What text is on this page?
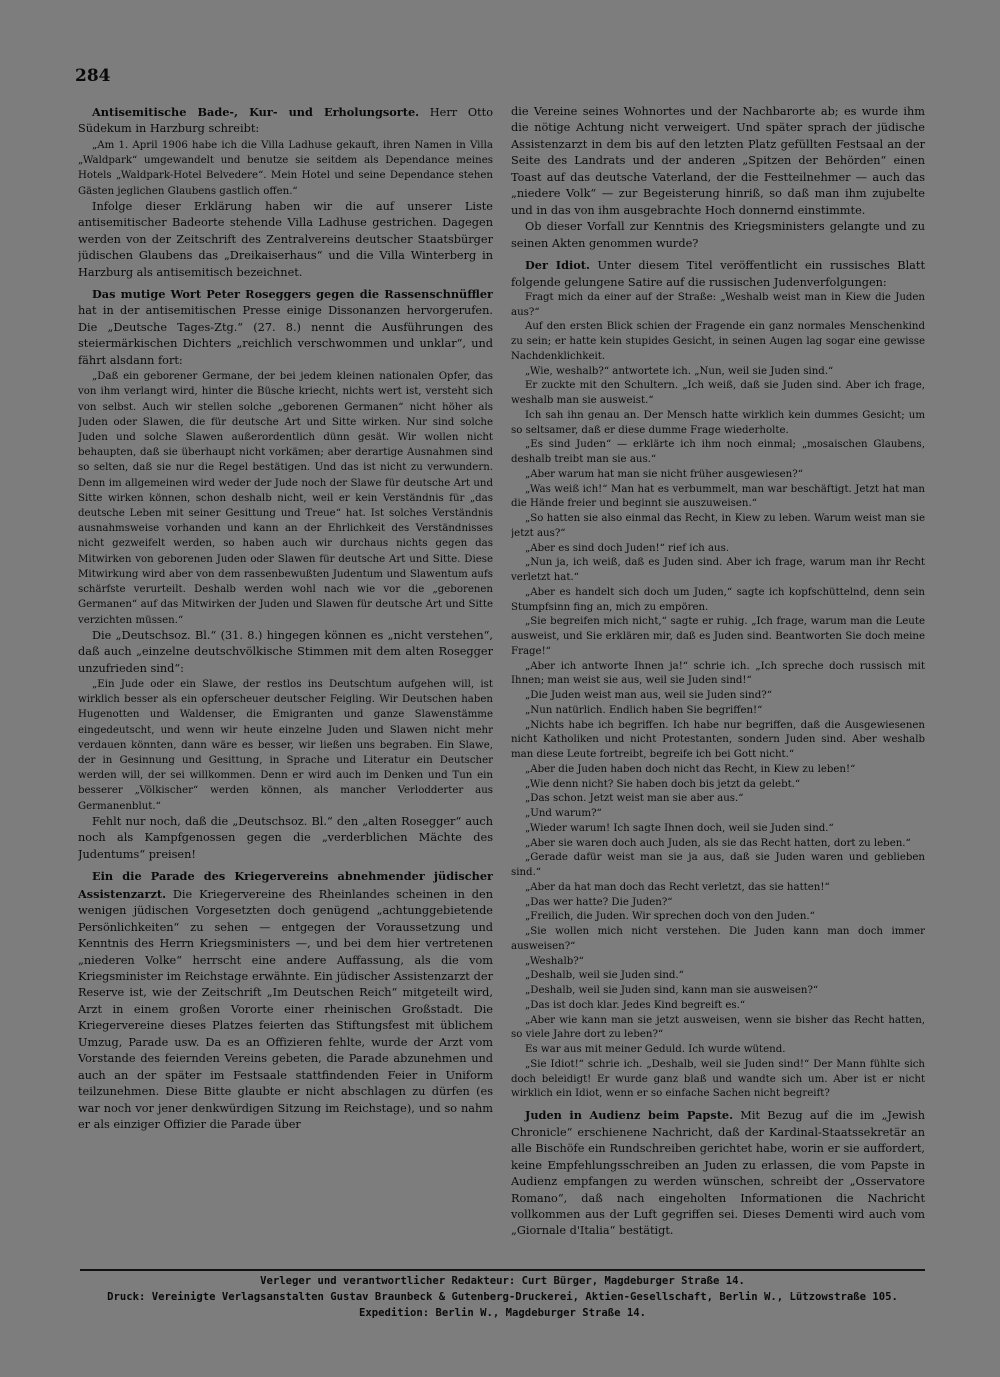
284

Antisemitische Bade-, Kur- und Erholungsorte. Herr Otto Südekum in Harzburg schreibt:

„Am 1. April 1906 habe ich die Villa Ladhuse gekauft, ihren Namen in Villa „Waldpark“ umgewandelt und benutze sie seitdem als Dependance meines Hotels „Waldpark-Hotel Belvedere“. Mein Hotel und seine Dependance stehen Gästen jeglichen Glaubens gastlich offen.“

Infolge dieser Erklärung haben wir die auf unserer Liste antisemitischer Badeorte stehende Villa Ladhuse gestrichen. Dagegen werden von der Zeitschrift des Zentralvereins deutscher Staatsbürger jüdischen Glaubens das „Dreikaiserhaus“ und die Villa Winterberg in Harzburg als antisemitisch bezeichnet.

Das mutige Wort Peter Roseggers gegen die Rassenschnüffler hat in der antisemitischen Presse einige Dissonanzen hervorgerufen. Die „Deutsche Tages-Ztg.“ (27. 8.) nennt die Ausführungen des steiermärkischen Dichters „reichlich verschwommen und unklar“, und fährt alsdann fort:

„Daß ein geborener Germane, der bei jedem kleinen nationalen Opfer, das von ihm verlangt wird, hinter die Büsche kriecht, nichts wert ist, versteht sich von selbst. Auch wir stellen solche „geborenen Germanen“ nicht höher als Juden oder Slawen, die für deutsche Art und Sitte wirken. Nur sind solche Juden und solche Slawen außerordentlich dünn gesät. Wir wollen nicht behaupten, daß sie überhaupt nicht vorkämen; aber derartige Ausnahmen sind so selten, daß sie nur die Regel bestätigen. Und das ist nicht zu verwundern. Denn im allgemeinen wird weder der Jude noch der Slawe für deutsche Art und Sitte wirken können, schon deshalb nicht, weil er kein Verständnis für „das deutsche Leben mit seiner Gesittung und Treue“ hat. Ist solches Verständnis ausnahmsweise vorhanden und kann an der Ehrlichkeit des Verständnisses nicht gezweifelt werden, so haben auch wir durchaus nichts gegen das Mitwirken von geborenen Juden oder Slawen für deutsche Art und Sitte. Diese Mitwirkung wird aber von dem rassenbewußten Judentum und Slawentum aufs schärfste verurteilt. Deshalb werden wohl nach wie vor die „geborenen Germanen“ auf das Mitwirken der Juden und Slawen für deutsche Art und Sitte verzichten müssen.“

Die „Deutschsoz. Bl.“ (31. 8.) hingegen können es „nicht verstehen“, daß auch „einzelne deutschvölkische Stimmen mit dem alten Rosegger unzufrieden sind“:

„Ein Jude oder ein Slawe, der restlos ins Deutschtum aufgehen will, ist wirklich besser als ein opferscheuer deutscher Feigling. Wir Deutschen haben Hugenotten und Waldenser, die Emigranten und ganze Slawenstämme eingedeutscht, und wenn wir heute einzelne Juden und Slawen nicht mehr verdauen könnten, dann wäre es besser, wir ließen uns begraben. Ein Slawe, der in Gesinnung und Gesittung, in Sprache und Literatur ein Deutscher werden will, der sei willkommen. Denn er wird auch im Denken und Tun ein besserer „Völkischer“ werden können, als mancher Verlodderter aus Germanenblut.“

Fehlt nur noch, daß die „Deutschsoz. Bl.“ den „alten Rosegger“ auch noch als Kampfgenossen gegen die „verderblichen Mächte des Judentums“ preisen!

Ein die Parade des Kriegervereins abnehmender jüdischer Assistenzarzt. Die Kriegervereine des Rheinlandes scheinen in den wenigen jüdischen Vorgesetzten doch genügend „achtunggebietende Persönlichkeiten“ zu sehen — entgegen der Voraussetzung und Kenntnis des Herrn Kriegsministers —, und bei dem hier vertretenen „niederen Volke“ herrscht eine andere Auffassung, als die vom Kriegsminister im Reichstage erwähnte. Ein jüdischer Assistenzarzt der Reserve ist, wie der Zeitschrift „Im Deutschen Reich“ mitgeteilt wird, Arzt in einem großen Vororte einer rheinischen Großstadt. Die Kriegervereine dieses Platzes feierten das Stiftungsfest mit üblichem Umzug, Parade usw. Da es an Offizieren fehlte, wurde der Arzt vom Vorstande des feiernden Vereins gebeten, die Parade abzunehmen und auch an der später im Festsaale stattfindenden Feier in Uniform teilzunehmen. Diese Bitte glaubte er nicht abschlagen zu dürfen (es war noch vor jener denkwürdigen Sitzung im Reichstage), und so nahm er als einziger Offizier die Parade über

die Vereine seines Wohnortes und der Nachbarorte ab; es wurde ihm die nötige Achtung nicht verweigert. Und später sprach der jüdische Assistenzarzt in dem bis auf den letzten Platz gefüllten Festsaal an der Seite des Landrats und der anderen „Spitzen der Behörden“ einen Toast auf das deutsche Vaterland, der die Festteilnehmer — auch das „niedere Volk“ — zur Begeisterung hinriß, so daß man ihm zujubelte und in das von ihm ausgebrachte Hoch donnernd einstimmte.

Ob dieser Vorfall zur Kenntnis des Kriegsministers gelangte und zu seinen Akten genommen wurde?

Der Idiot. Unter diesem Titel veröffentlicht ein russisches Blatt folgende gelungene Satire auf die russischen Judenverfolgungen:

Fragt mich da einer auf der Straße: „Weshalb weist man in Kiew die Juden aus?“

Auf den ersten Blick schien der Fragende ein ganz normales Menschenkind zu sein; er hatte kein stupides Gesicht, in seinen Augen lag sogar eine gewisse Nachdenklichkeit.

„Wie, weshalb?“ antwortete ich. „Nun, weil sie Juden sind.“

Er zuckte mit den Schultern. „Ich weiß, daß sie Juden sind. Aber ich frage, weshalb man sie ausweist.“

Ich sah ihn genau an. Der Mensch hatte wirklich kein dummes Gesicht; um so seltsamer, daß er diese dumme Frage wiederholte.

„Es sind Juden“ — erklärte ich ihm noch einmal; „mosaischen Glaubens, deshalb treibt man sie aus.“

„Aber warum hat man sie nicht früher ausgewiesen?“

„Was weiß ich!“ Man hat es verbummelt, man war beschäftigt. Jetzt hat man die Hände freier und beginnt sie auszuweisen.“

„So hatten sie also einmal das Recht, in Kiew zu leben. Warum weist man sie jetzt aus?“

„Aber es sind doch Juden!“ rief ich aus.

„Nun ja, ich weiß, daß es Juden sind. Aber ich frage, warum man ihr Recht verletzt hat.“

„Aber es handelt sich doch um Juden,“ sagte ich kopfschüttelnd, denn sein Stumpfsinn fing an, mich zu empören.

„Sie begreifen mich nicht,“ sagte er ruhig. „Ich frage, warum man die Leute ausweist, und Sie erklären mir, daß es Juden sind. Beantworten Sie doch meine Frage!“

„Aber ich antworte Ihnen ja!“ schrie ich. „Ich spreche doch russisch mit Ihnen; man weist sie aus, weil sie Juden sind!“

„Die Juden weist man aus, weil sie Juden sind?“

„Nun natürlich. Endlich haben Sie begriffen!“

„Nichts habe ich begriffen. Ich habe nur begriffen, daß die Ausgewiesenen nicht Katholiken und nicht Protestanten, sondern Juden sind. Aber weshalb man diese Leute fortreibt, begreife ich bei Gott nicht.“

„Aber die Juden haben doch nicht das Recht, in Kiew zu leben!“

„Wie denn nicht? Sie haben doch bis jetzt da gelebt.“

„Das schon. Jetzt weist man sie aber aus.“

„Und warum?“

„Wieder warum! Ich sagte Ihnen doch, weil sie Juden sind.“

„Aber sie waren doch auch Juden, als sie das Recht hatten, dort zu leben.“

„Gerade dafür weist man sie ja aus, daß sie Juden waren und geblieben sind.“

„Aber da hat man doch das Recht verletzt, das sie hatten!“

„Das wer hatte? Die Juden?“

„Freilich, die Juden. Wir sprechen doch von den Juden.“

„Sie wollen mich nicht verstehen. Die Juden kann man doch immer ausweisen?“

„Weshalb?“

„Deshalb, weil sie Juden sind.“

„Deshalb, weil sie Juden sind, kann man sie ausweisen?“

„Das ist doch klar. Jedes Kind begreift es.“

„Aber wie kann man sie jetzt ausweisen, wenn sie bisher das Recht hatten, so viele Jahre dort zu leben?“

Es war aus mit meiner Geduld. Ich wurde wütend.

„Sie Idiot!“ schrie ich. „Deshalb, weil sie Juden sind!“ Der Mann fühlte sich doch beleidigt! Er wurde ganz blaß und wandte sich um. Aber ist er nicht wirklich ein Idiot, wenn er so einfache Sachen nicht begreift?

Juden in Audienz beim Papste. Mit Bezug auf die im „Jewish Chronicle“ erschienene Nachricht, daß der Kardinal-Staatssekretär an alle Bischöfe ein Rundschreiben gerichtet habe, worin er sie auffordert, keine Empfehlungsschreiben an Juden zu erlassen, die vom Papste in Audienz empfangen zu werden wünschen, schreibt der „Osservatore Romano“, daß nach eingeholten Informationen die Nachricht vollkommen aus der Luft gegriffen sei. Dieses Dementi wird auch vom „Giornale d'Italia“ bestätigt.

Verleger und verantwortlicher Redakteur: Curt Bürger, Magdeburger Straße 14.
Druck: Vereinigte Verlagsanstalten Gustav Braunbeck & Gutenberg-Druckerei, Aktien-Gesellschaft, Berlin W., Lützowstraße 105.
Expedition: Berlin W., Magdeburger Straße 14.
